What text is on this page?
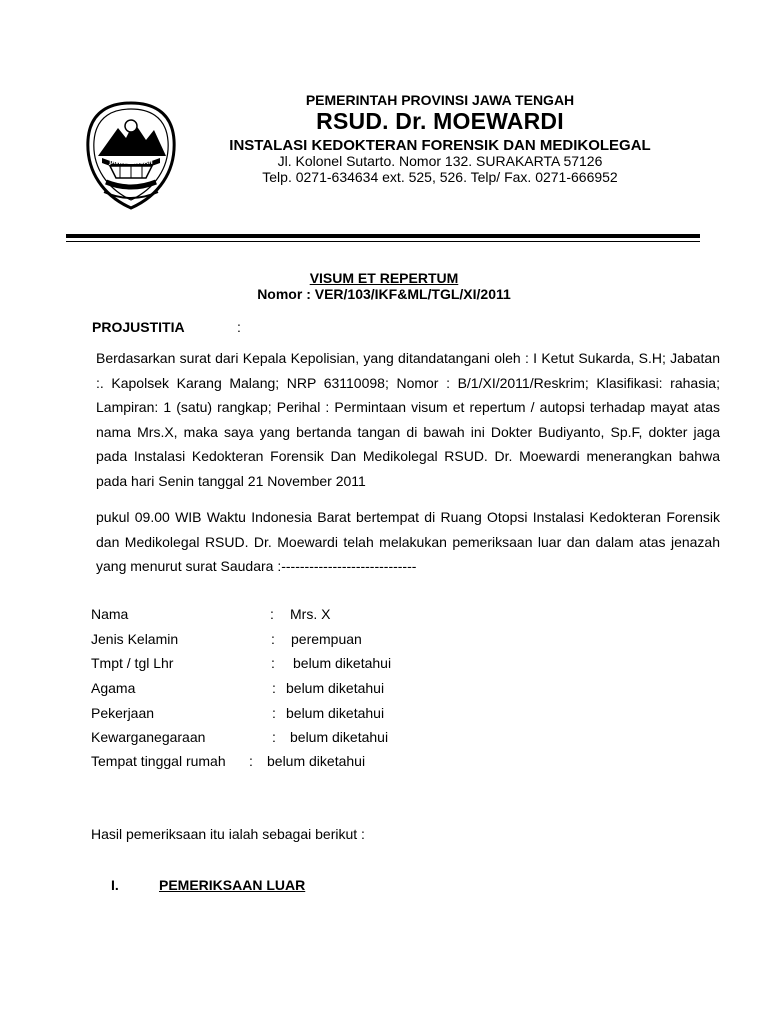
JAWA TENGAH
PEMERINTAH PROVINSI JAWA TENGAH
RSUD. Dr. MOEWARDI
INSTALASI KEDOKTERAN FORENSIK DAN MEDIKOLEGAL
Jl. Kolonel Sutarto. Nomor 132. SURAKARTA 57126
Telp. 0271-634634 ext. 525, 526. Telp/ Fax. 0271-666952
VISUM ET REPERTUM
Nomor : VER/103/IKF&ML/TGL/XI/2011
PROJUSTITIA	:
Berdasarkan surat dari Kepala Kepolisian, yang ditandatangani oleh : I Ketut Sukarda, S.H; Jabatan :. Kapolsek Karang Malang; NRP 63110098; Nomor : B/1/XI/2011/Reskrim; Klasifikasi: rahasia; Lampiran: 1 (satu) rangkap; Perihal : Permintaan visum et repertum / autopsi terhadap mayat atas nama Mrs.X, maka saya yang bertanda tangan di bawah ini Dokter Budiyanto, Sp.F, dokter jaga pada Instalasi Kedokteran Forensik Dan Medikolegal RSUD. Dr. Moewardi menerangkan bahwa pada hari Senin tanggal 21 November 2011
pukul 09.00 WIB Waktu Indonesia Barat bertempat di Ruang Otopsi Instalasi Kedokteran Forensik dan Medikolegal RSUD. Dr. Moewardi telah melakukan pemeriksaan luar dan dalam atas jenazah yang menurut surat Saudara :-----------------------------
Nama	: Mrs. X
Jenis Kelamin	: perempuan
Tmpt / tgl Lhr	: belum diketahui
Agama	: belum diketahui
Pekerjaan	: belum diketahui
Kewarganegaraan	: belum diketahui
Tempat tinggal rumah : belum diketahui
Hasil pemeriksaan itu ialah sebagai berikut :
I.	PEMERIKSAAN LUAR
